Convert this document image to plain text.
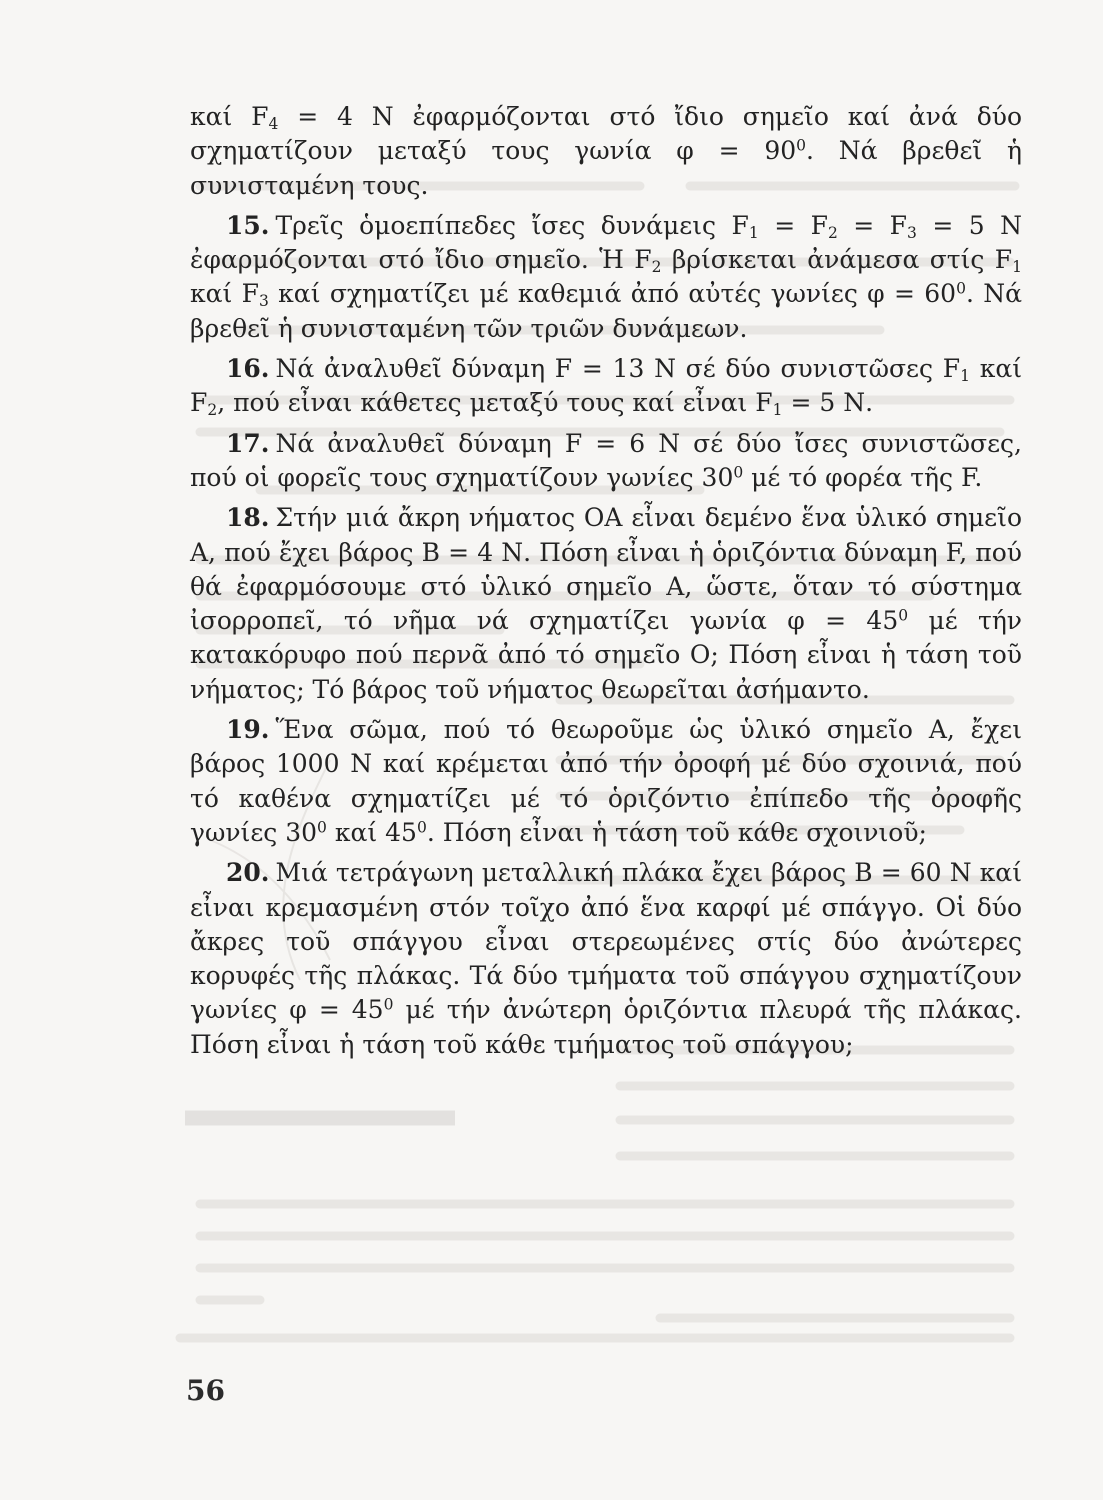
καί $F_4 = 4$ Ν ἐφαρμόζονται στό ἴδιο σημεῖο καί ἀνά δύο σχηματίζουν μεταξύ τους γωνία $\varphi = 90^0$. Νά βρεθεῖ ἡ συνισταμένη τους.

15. Τρεῖς ὁμοεπίπεδες ἴσες δυνάμεις $F_1 = F_2 = F_3 = 5$ Ν ἐφαρμόζονται στό ἴδιο σημεῖο. Ἡ $F_2$ βρίσκεται ἀνάμεσα στίς $F_1$ καί $F_3$ καί σχηματίζει μέ καθεμιά ἀπό αὐτές γωνίες $\varphi = 60^0$. Νά βρεθεῖ ἡ συνισταμένη τῶν τριῶν δυνάμεων.

16. Νά ἀναλυθεῖ δύναμη F = 13 Ν σέ δύο συνιστῶσες $F_1$ καί $F_2$, πού εἶναι κάθετες μεταξύ τους καί εἶναι $F_1 = 5$ Ν.

17. Νά ἀναλυθεῖ δύναμη F = 6 Ν σέ δύο ἴσες συνιστῶσες, πού οἱ φορεῖς τους σχηματίζουν γωνίες $30^0$ μέ τό φορέα τῆς F.

18. Στήν μιά ἄκρη νήματος ΟΑ εἶναι δεμένο ἕνα ὑλικό σημεῖο Α, πού ἔχει βάρος Β = 4 Ν. Πόση εἶναι ἡ ὁριζόντια δύναμη F, πού θά ἐφαρμόσουμε στό ὑλικό σημεῖο Α, ὥστε, ὅταν τό σύστημα ἰσορροπεῖ, τό νῆμα νά σχηματίζει γωνία $\varphi = 45^0$ μέ τήν κατακόρυφο πού περνᾶ ἀπό τό σημεῖο Ο; Πόση εἶναι ἡ τάση τοῦ νήματος; Τό βάρος τοῦ νήματος θεωρεῖται ἀσήμαντο.

19. Ἕνα σῶμα, πού τό θεωροῦμε ὡς ὑλικό σημεῖο Α, ἔχει βάρος 1000 Ν καί κρέμεται ἀπό τήν ὀροφή μέ δύο σχοινιά, πού τό καθένα σχηματίζει μέ τό ὁριζόντιο ἐπίπεδο τῆς ὀροφῆς γωνίες $30^0$ καί $45^0$. Πόση εἶναι ἡ τάση τοῦ κάθε σχοινιοῦ;

20. Μιά τετράγωνη μεταλλική πλάκα ἔχει βάρος Β = 60 Ν καί εἶναι κρεμασμένη στόν τοῖχο ἀπό ἕνα καρφί μέ σπάγγο. Οἱ δύο ἄκρες τοῦ σπάγγου εἶναι στερεωμένες στίς δύο ἀνώτερες κορυφές τῆς πλάκας. Τά δύο τμήματα τοῦ σπάγγου σχηματίζουν γωνίες $\varphi = 45^0$ μέ τήν ἀνώτερη ὁριζόντια πλευρά τῆς πλάκας. Πόση εἶναι ἡ τάση τοῦ κάθε τμήματος τοῦ σπάγγου;

56
